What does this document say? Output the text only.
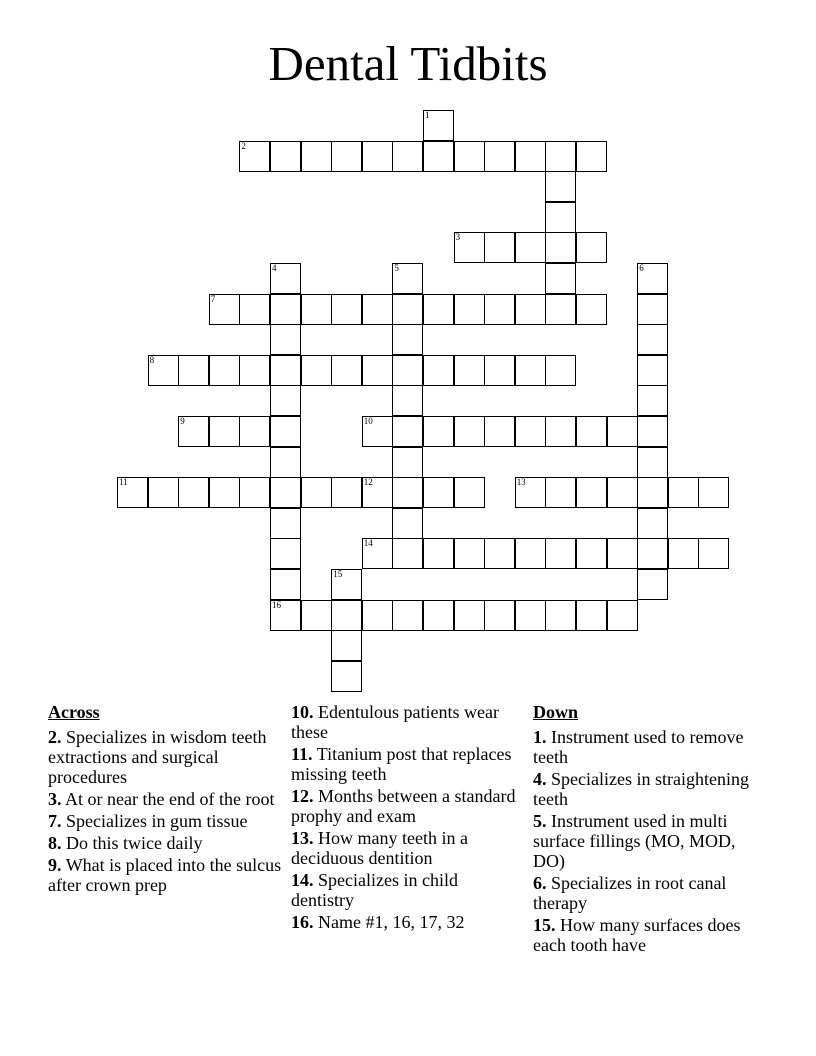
Dental Tidbits
1
2
3
4	5	6
7
8
9	10
11	12	13
14
15
16
Across
2. Specializes in wisdom teeth extractions and surgical procedures
3. At or near the end of the root
7. Specializes in gum tissue
8. Do this twice daily
9. What is placed into the sulcus after crown prep
10. Edentulous patients wear these
11. Titanium post that replaces missing teeth
12. Months between a standard prophy and exam
13. How many teeth in a deciduous dentition
14. Specializes in child dentistry
16. Name #1, 16, 17, 32
Down
1. Instrument used to remove teeth
4. Specializes in straightening teeth
5. Instrument used in multi surface fillings (MO, MOD, DO)
6. Specializes in root canal therapy
15. How many surfaces does each tooth have
